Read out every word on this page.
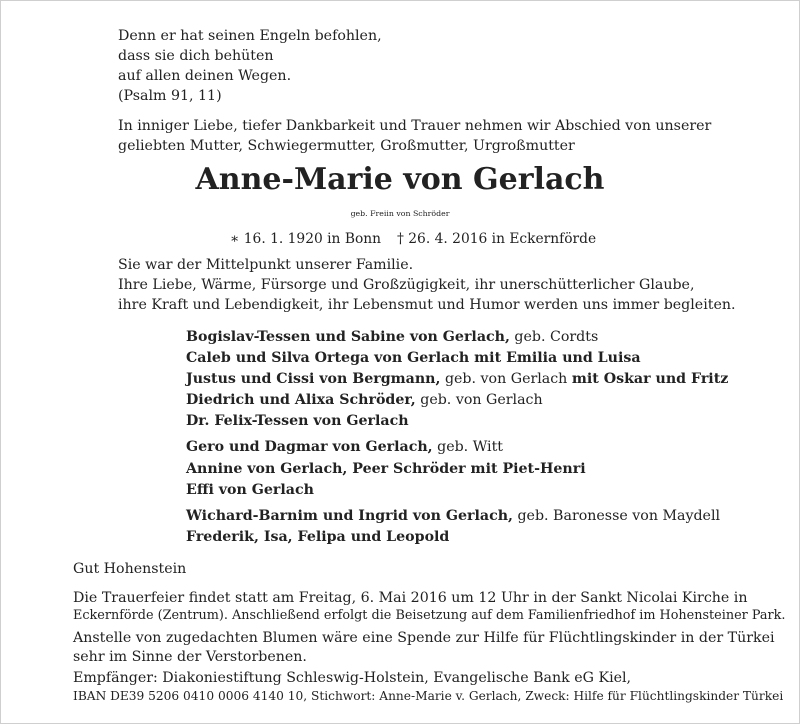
Denn er hat seinen Engeln befohlen,

dass sie dich behüten

auf allen deinen Wegen.

(Psalm 91, 11)

In inniger Liebe, tiefer Dankbarkeit und Trauer nehmen wir Abschied von unserer

geliebten Mutter, Schwiegermutter, Großmutter, Urgroßmutter

Anne-Marie von Gerlach

geb. Freiin von Schröder

∗ 16. 1. 1920 in Bonn † 26. 4. 2016 in Eckernförde

Sie war der Mittelpunkt unserer Familie.

Ihre Liebe, Wärme, Fürsorge und Großzügigkeit, ihr unerschütterlicher Glaube,

ihre Kraft und Lebendigkeit, ihr Lebensmut und Humor werden uns immer begleiten.

Bogislav-Tessen und Sabine von Gerlach, geb. Cordts

Caleb und Silva Ortega von Gerlach mit Emilia und Luisa

Justus und Cissi von Bergmann, geb. von Gerlach mit Oskar und Fritz

Diedrich und Alixa Schröder, geb. von Gerlach

Dr. Felix-Tessen von Gerlach

Gero und Dagmar von Gerlach, geb. Witt

Annine von Gerlach, Peer Schröder mit Piet-Henri

Effi von Gerlach

Wichard-Barnim und Ingrid von Gerlach, geb. Baronesse von Maydell

Frederik, Isa, Felipa und Leopold

Gut Hohenstein

Die Trauerfeier findet statt am Freitag, 6. Mai 2016 um 12 Uhr in der Sankt Nicolai Kirche in

Eckernförde (Zentrum). Anschließend erfolgt die Beisetzung auf dem Familienfriedhof im Hohensteiner Park.

Anstelle von zugedachten Blumen wäre eine Spende zur Hilfe für Flüchtlingskinder in der Türkei

sehr im Sinne der Verstorbenen.

Empfänger: Diakoniestiftung Schleswig-Holstein, Evangelische Bank eG Kiel,

IBAN DE39 5206 0410 0006 4140 10, Stichwort: Anne-Marie v. Gerlach, Zweck: Hilfe für Flüchtlingskinder Türkei
